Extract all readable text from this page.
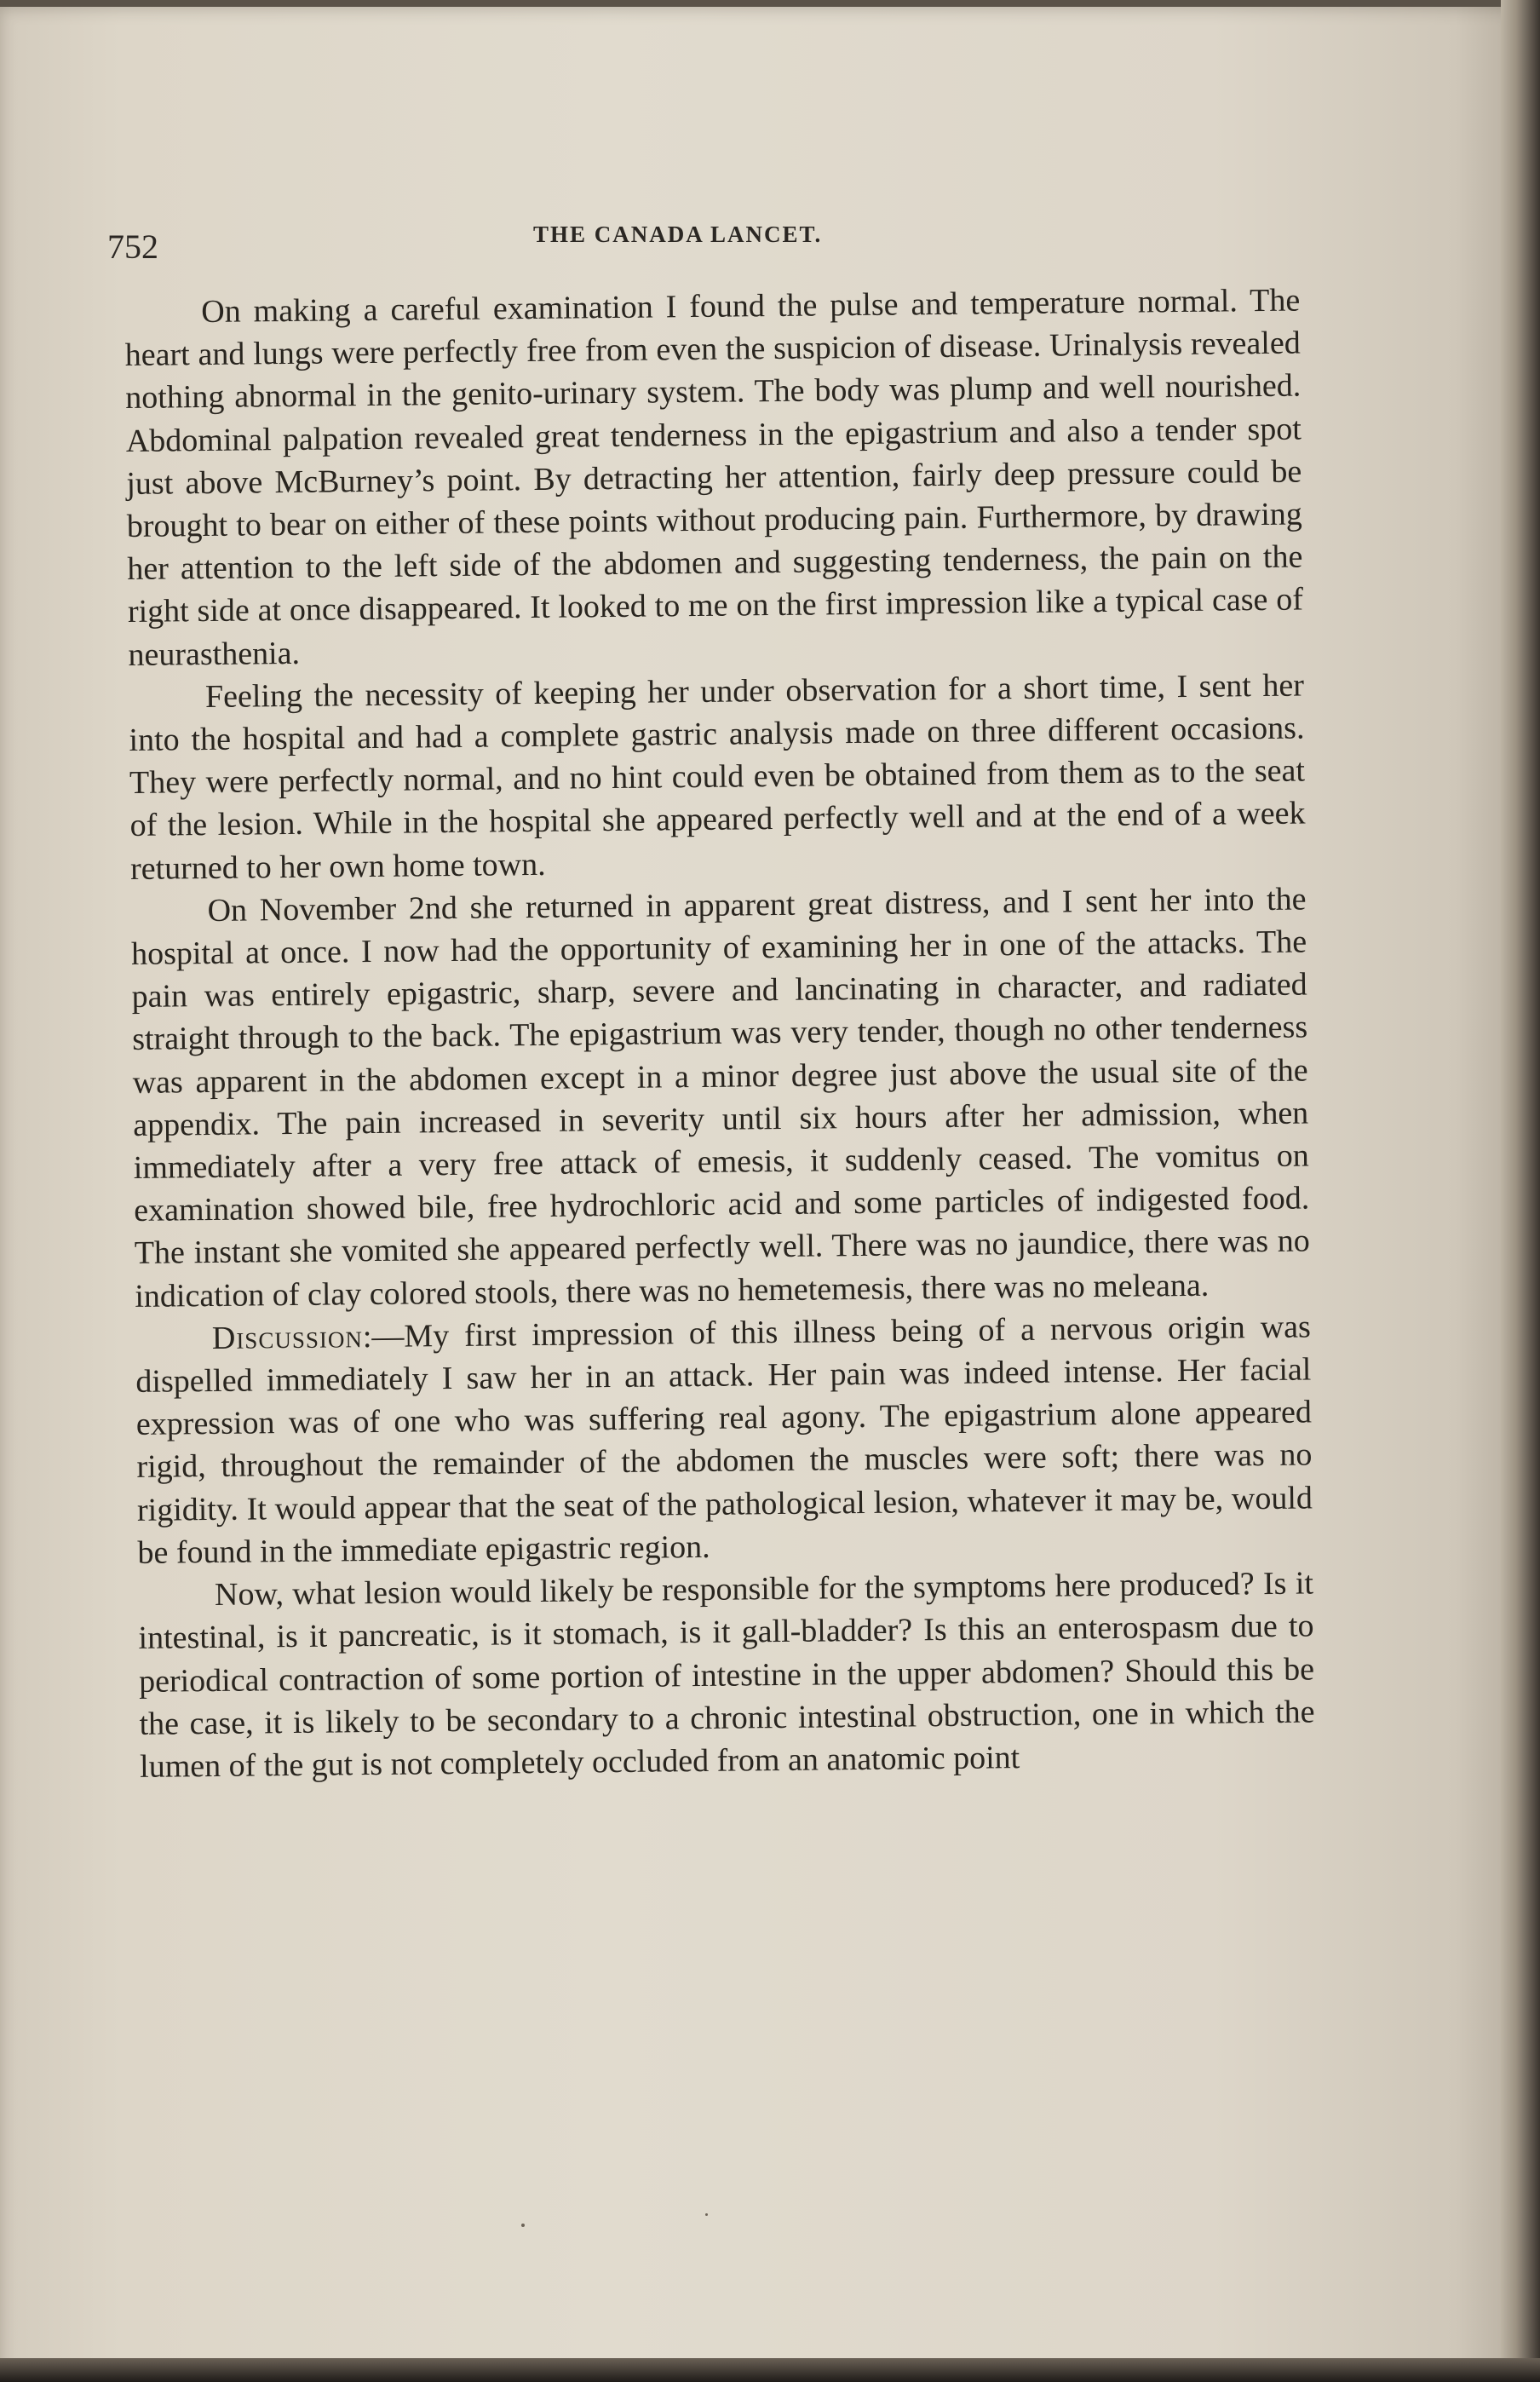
752	THE CANADA LANCET.

On making a careful examination I found the pulse and temperature normal. The heart and lungs were perfectly free from even the suspicion of disease. Urinalysis revealed nothing abnormal in the genito-urinary system. The body was plump and well nourished. Abdominal palpation revealed great tenderness in the epigastrium and also a tender spot just above McBurney’s point. By detracting her attention, fairly deep pressure could be brought to bear on either of these points without producing pain. Furthermore, by drawing her attention to the left side of the abdomen and suggesting tenderness, the pain on the right side at once disappeared. It looked to me on the first impression like a typical case of neurasthenia.

Feeling the necessity of keeping her under observation for a short time, I sent her into the hospital and had a complete gastric analysis made on three different occasions. They were perfectly normal, and no hint could even be obtained from them as to the seat of the lesion. While in the hospital she appeared perfectly well and at the end of a week returned to her own home town.

On November 2nd she returned in apparent great distress, and I sent her into the hospital at once. I now had the opportunity of examining her in one of the attacks. The pain was entirely epigastric, sharp, severe and lancinating in character, and radiated straight through to the back. The epigastrium was very tender, though no other tenderness was apparent in the abdomen except in a minor degree just above the usual site of the appendix. The pain increased in severity until six hours after her admission, when immediately after a very free attack of emesis, it suddenly ceased. The vomitus on examination showed bile, free hydrochloric acid and some particles of indigested food. The instant she vomited she appeared perfectly well. There was no jaundice, there was no indication of clay colored stools, there was no hemetemesis, there was no meleana.

Discussion:—My first impression of this illness being of a nervous origin was dispelled immediately I saw her in an attack. Her pain was indeed intense. Her facial expression was of one who was suffering real agony. The epigastrium alone appeared rigid, throughout the remainder of the abdomen the muscles were soft; there was no rigidity. It would appear that the seat of the pathological lesion, whatever it may be, would be found in the immediate epigastric region.

Now, what lesion would likely be responsible for the symptoms here produced? Is it intestinal, is it pancreatic, is it stomach, is it gall-bladder? Is this an enterospasm due to periodical contraction of some portion of intestine in the upper abdomen? Should this be the case, it is likely to be secondary to a chronic intestinal obstruction, one in which the lumen of the gut is not completely occluded from an anatomic point
